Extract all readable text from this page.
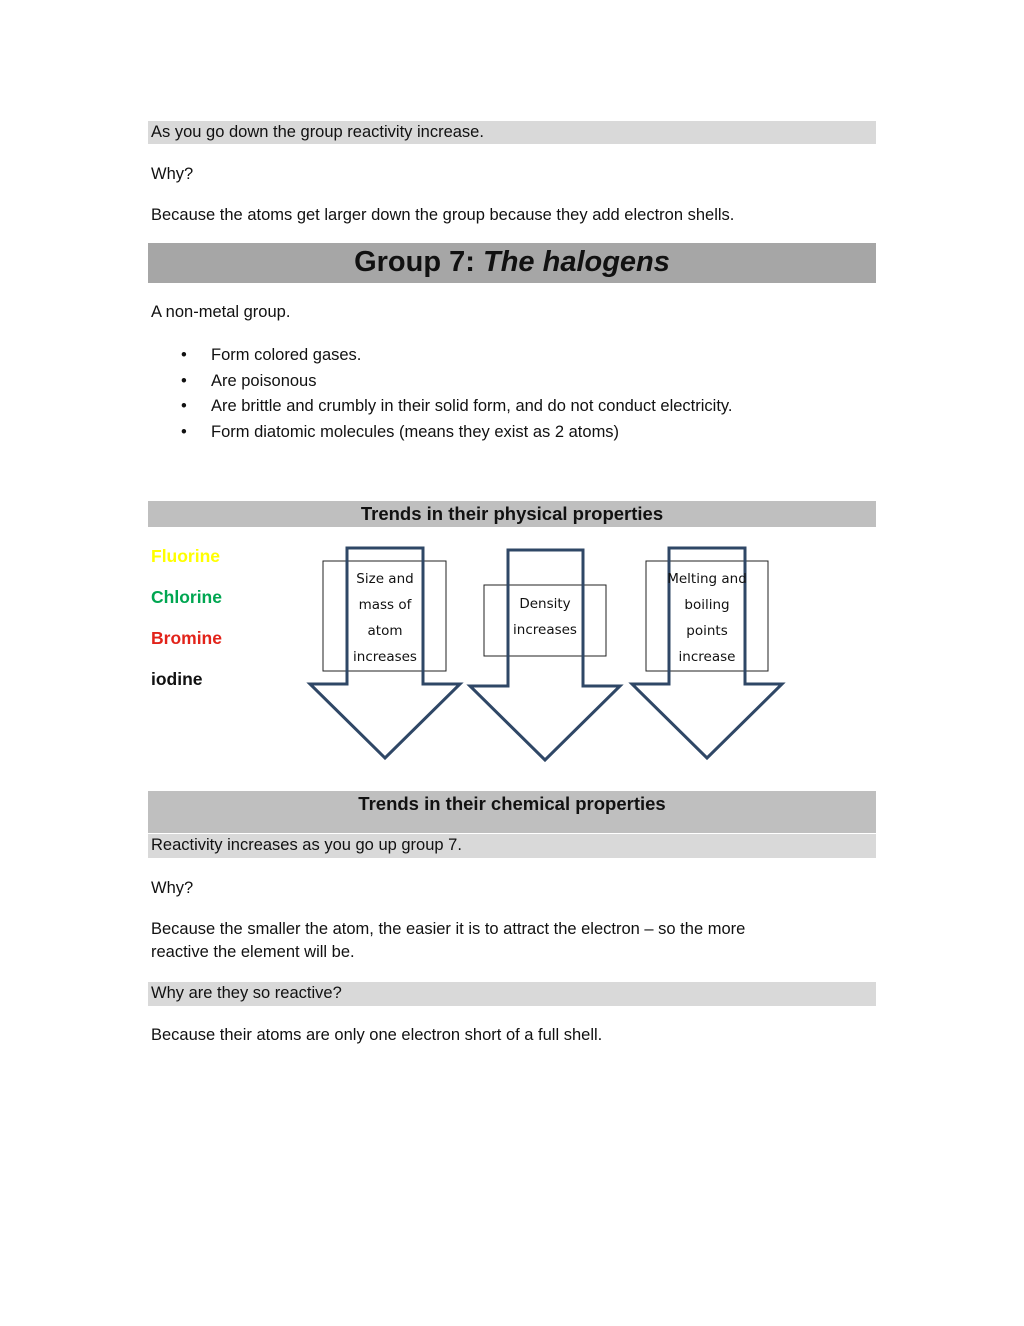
As you go down the group reactivity increase.
Why?
Because the atoms get larger down the group because they add electron shells.
Group 7: The halogens
A non-metal group.
• Form colored gases.
• Are poisonous
• Are brittle and crumbly in their solid form, and do not conduct electricity.
• Form diatomic molecules (means they exist as 2 atoms)
Trends in their physical properties
Fluorine
Chlorine
Bromine
iodine
Size and
mass of
atom
increases
Density
increases
Melting and
boiling
points
increase
Trends in their chemical properties
Reactivity increases as you go up group 7.
Why?
Because the smaller the atom, the easier it is to attract the electron – so the more
reactive the element will be.
Why are they so reactive?
Because their atoms are only one electron short of a full shell.
